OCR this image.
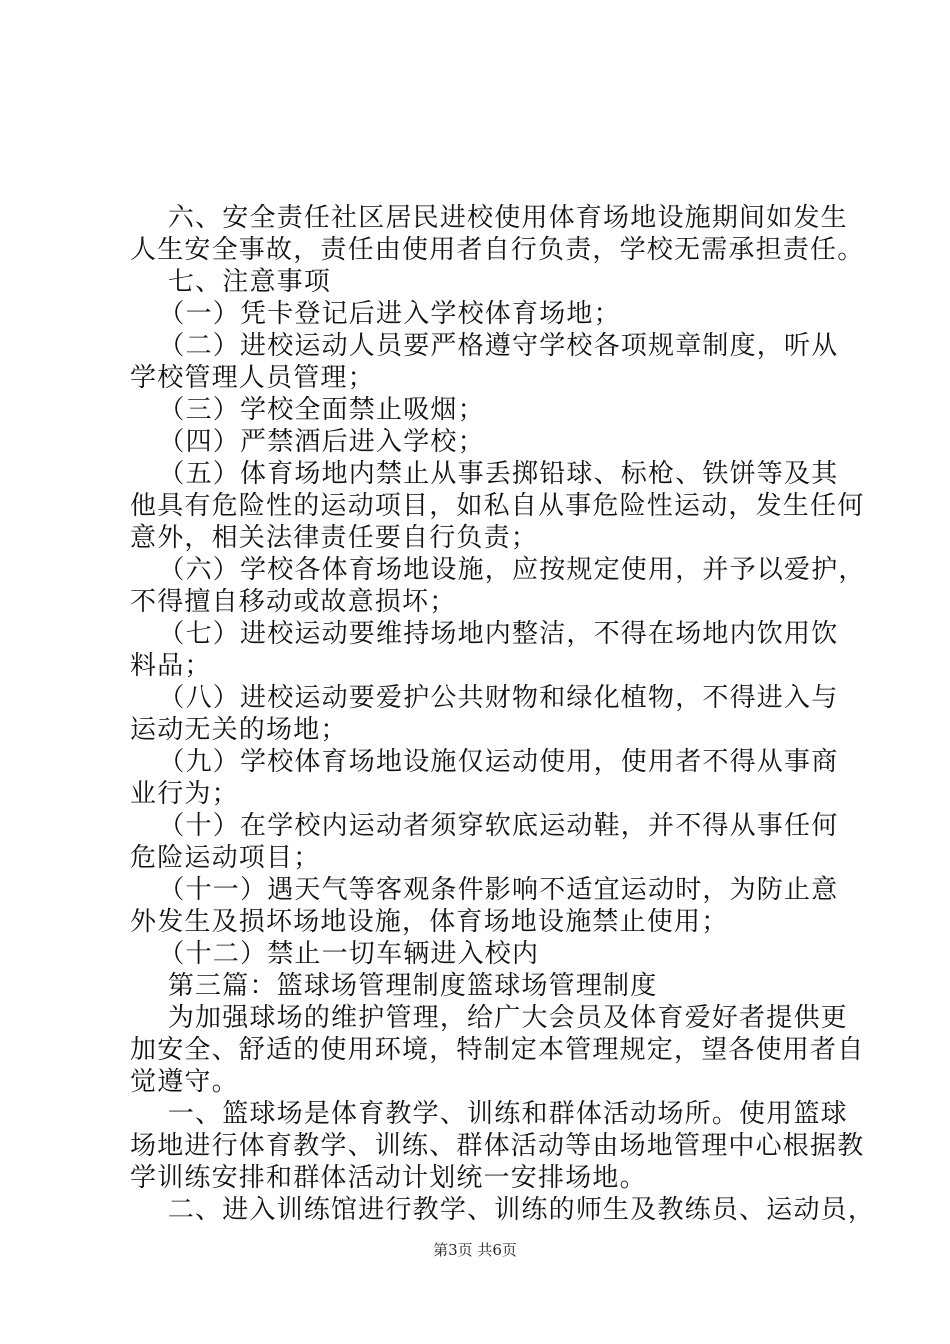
六、安全责任社区居民进校使用体育场地设施期间如发生
人生安全事故，责任由使用者自行负责，学校无需承担责任。
七、注意事项
（一）凭卡登记后进入学校体育场地；
（二）进校运动人员要严格遵守学校各项规章制度，听从
学校管理人员管理；
（三）学校全面禁止吸烟；
（四）严禁酒后进入学校；
（五）体育场地内禁止从事丢掷铅球、标枪、铁饼等及其
他具有危险性的运动项目，如私自从事危险性运动，发生任何
意外，相关法律责任要自行负责；
（六）学校各体育场地设施，应按规定使用，并予以爱护，
不得擅自移动或故意损坏；
（七）进校运动要维持场地内整洁，不得在场地内饮用饮
料品；
（八）进校运动要爱护公共财物和绿化植物，不得进入与
运动无关的场地；
（九）学校体育场地设施仅运动使用，使用者不得从事商
业行为；
（十）在学校内运动者须穿软底运动鞋，并不得从事任何
危险运动项目；
（十一）遇天气等客观条件影响不适宜运动时，为防止意
外发生及损坏场地设施，体育场地设施禁止使用；
（十二）禁止一切车辆进入校内
第三篇：篮球场管理制度篮球场管理制度
为加强球场的维护管理，给广大会员及体育爱好者提供更
加安全、舒适的使用环境，特制定本管理规定，望各使用者自
觉遵守。
一、篮球场是体育教学、训练和群体活动场所。使用篮球
场地进行体育教学、训练、群体活动等由场地管理中心根据教
学训练安排和群体活动计划统一安排场地。
二、进入训练馆进行教学、训练的师生及教练员、运动员，
第3页 共6页
